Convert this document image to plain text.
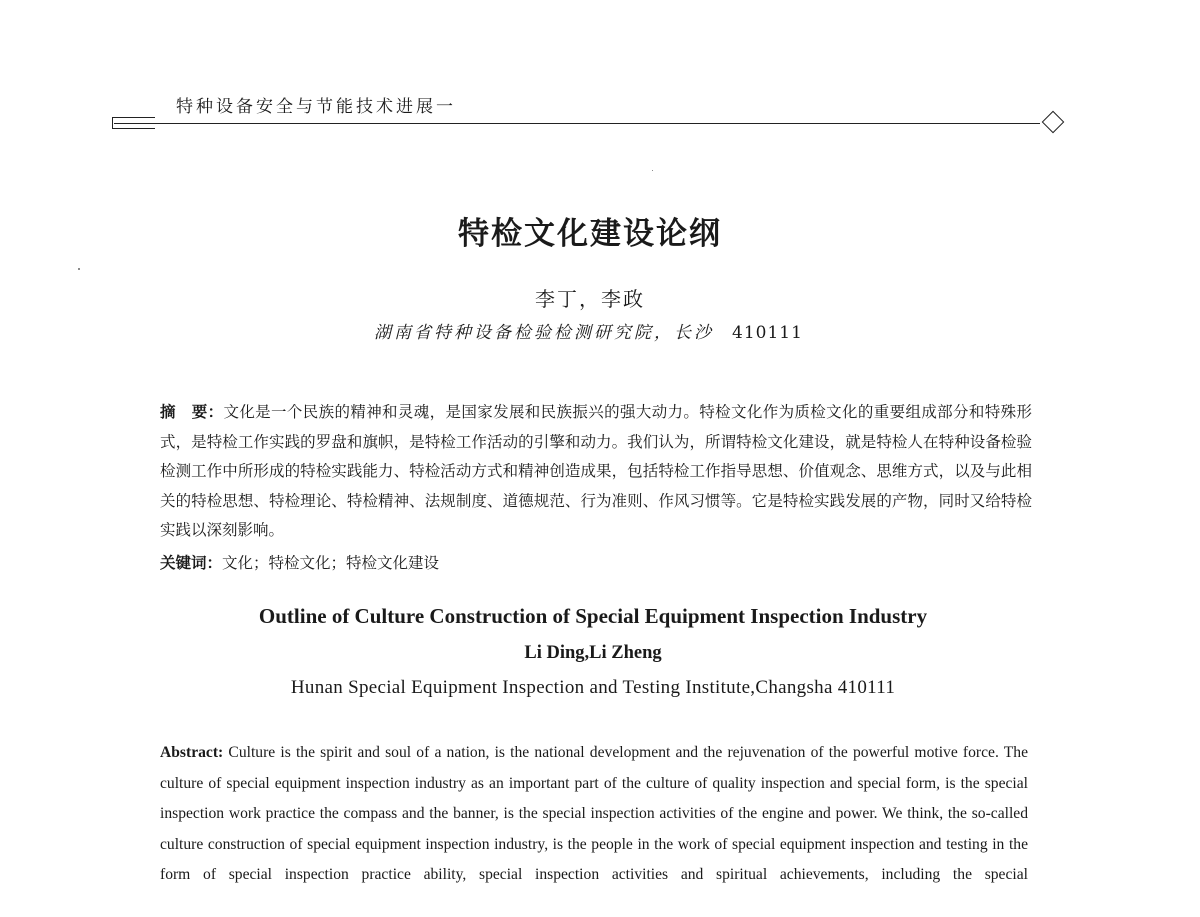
特种设备安全与节能技术进展一
特检文化建设论纲
李丁，李政
湖南省特种设备检验检测研究院，长沙 410111
摘　要：文化是一个民族的精神和灵魂，是国家发展和民族振兴的强大动力。特检文化作为质检文化的重要组成部分和特殊形式，是特检工作实践的罗盘和旗帜，是特检工作活动的引擎和动力。我们认为，所谓特检文化建设，就是特检人在特种设备检验检测工作中所形成的特检实践能力、特检活动方式和精神创造成果，包括特检工作指导思想、价值观念、思维方式，以及与此相关的特检思想、特检理论、特检精神、法规制度、道德规范、行为准则、作风习惯等。它是特检实践发展的产物，同时又给特检实践以深刻影响。
关键词：文化；特检文化；特检文化建设
Outline of Culture Construction of Special Equipment Inspection Industry
Li Ding,Li Zheng
Hunan Special Equipment Inspection and Testing Institute,Changsha 410111
Abstract: Culture is the spirit and soul of a nation, is the national development and the rejuvenation of the powerful motive force. The culture of special equipment inspection industry as an important part of the culture of quality inspection and special form, is the special inspection work practice the compass and the banner, is the special inspection activities of the engine and power. We think, the so-called culture construction of special equipment inspection industry, is the people in the work of special equipment inspection and testing in the form of special inspection practice ability, special inspection activities and spiritual achievements, including the special
